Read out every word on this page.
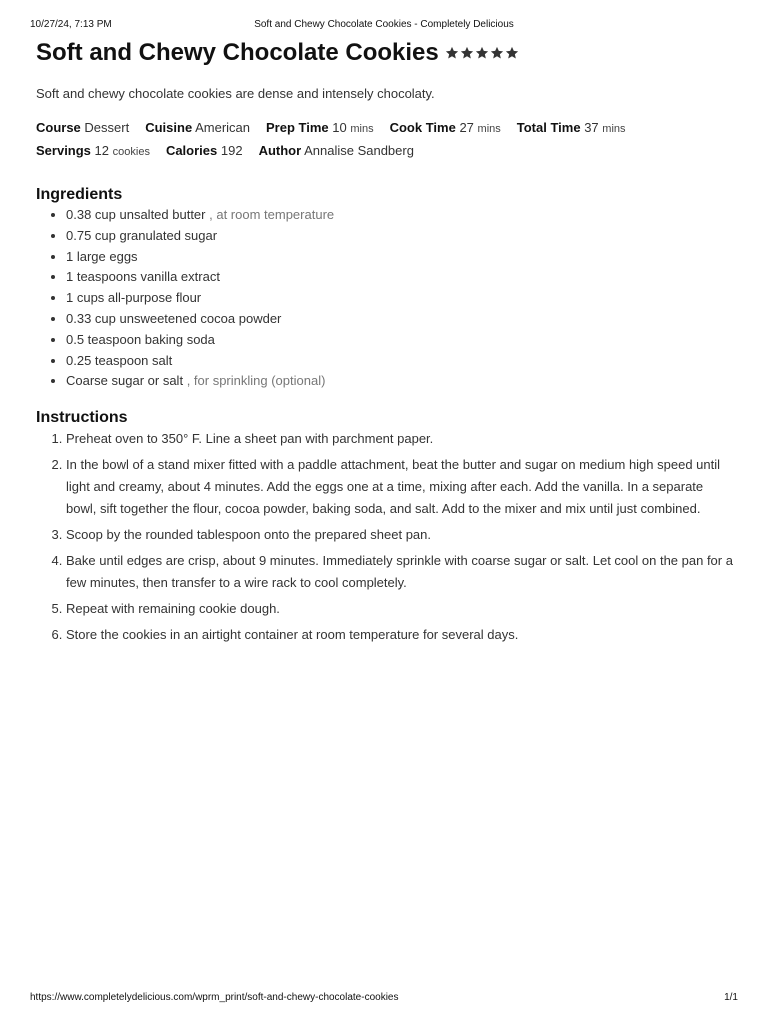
10/27/24, 7:13 PM	Soft and Chewy Chocolate Cookies - Completely Delicious
Soft and Chewy Chocolate Cookies
Soft and chewy chocolate cookies are dense and intensely chocolaty.
Course Dessert Cuisine American Prep Time 10 mins Cook Time 27 mins Total Time 37 mins
Servings 12 cookies Calories 192 Author Annalise Sandberg
Ingredients
• 0.38 cup unsalted butter , at room temperature
• 0.75 cup granulated sugar
• 1 large eggs
• 1 teaspoons vanilla extract
• 1 cups all-purpose flour
• 0.33 cup unsweetened cocoa powder
• 0.5 teaspoon baking soda
• 0.25 teaspoon salt
• Coarse sugar or salt , for sprinkling (optional)
Instructions
1. Preheat oven to 350° F. Line a sheet pan with parchment paper.
2. In the bowl of a stand mixer fitted with a paddle attachment, beat the butter and sugar on medium high speed until light and creamy, about 4 minutes. Add the eggs one at a time, mixing after each. Add the vanilla. In a separate bowl, sift together the flour, cocoa powder, baking soda, and salt. Add to the mixer and mix until just combined.
3. Scoop by the rounded tablespoon onto the prepared sheet pan.
4. Bake until edges are crisp, about 9 minutes. Immediately sprinkle with coarse sugar or salt. Let cool on the pan for a few minutes, then transfer to a wire rack to cool completely.
5. Repeat with remaining cookie dough.
6. Store the cookies in an airtight container at room temperature for several days.
https://www.completelydelicious.com/wprm_print/soft-and-chewy-chocolate-cookies	1/1
